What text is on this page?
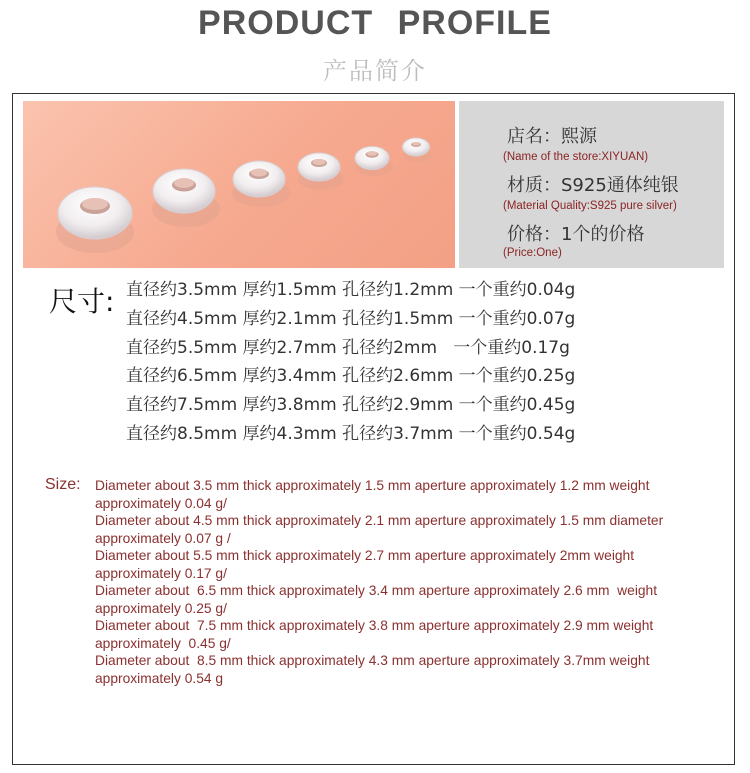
PRODUCT PROFILE
产品简介
店名：熙源
(Name of the store:XIYUAN)
材质：S925通体纯银
(Material Quality:S925 pure silver)
价格：1个的价格
(Price:One)
尺寸: 直径约3.5mm 厚约1.5mm 孔径约1.2mm 一个重约0.04g
直径约4.5mm 厚约2.1mm 孔径约1.5mm 一个重约0.07g
直径约5.5mm 厚约2.7mm 孔径约2mm   一个重约0.17g
直径约6.5mm 厚约3.4mm 孔径约2.6mm 一个重约0.25g
直径约7.5mm 厚约3.8mm 孔径约2.9mm 一个重约0.45g
直径约8.5mm 厚约4.3mm 孔径约3.7mm 一个重约0.54g
Size: Diameter about 3.5 mm thick approximately 1.5 mm aperture approximately 1.2 mm weight
approximately 0.04 g/
Diameter about 4.5 mm thick approximately 2.1 mm aperture approximately 1.5 mm diameter
approximately 0.07 g /
Diameter about 5.5 mm thick approximately 2.7 mm aperture approximately 2mm weight
approximately 0.17 g/
Diameter about  6.5 mm thick approximately 3.4 mm aperture approximately 2.6 mm  weight
approximately 0.25 g/
Diameter about  7.5 mm thick approximately 3.8 mm aperture approximately 2.9 mm weight
approximately  0.45 g/
Diameter about  8.5 mm thick approximately 4.3 mm aperture approximately 3.7mm weight
approximately 0.54 g
